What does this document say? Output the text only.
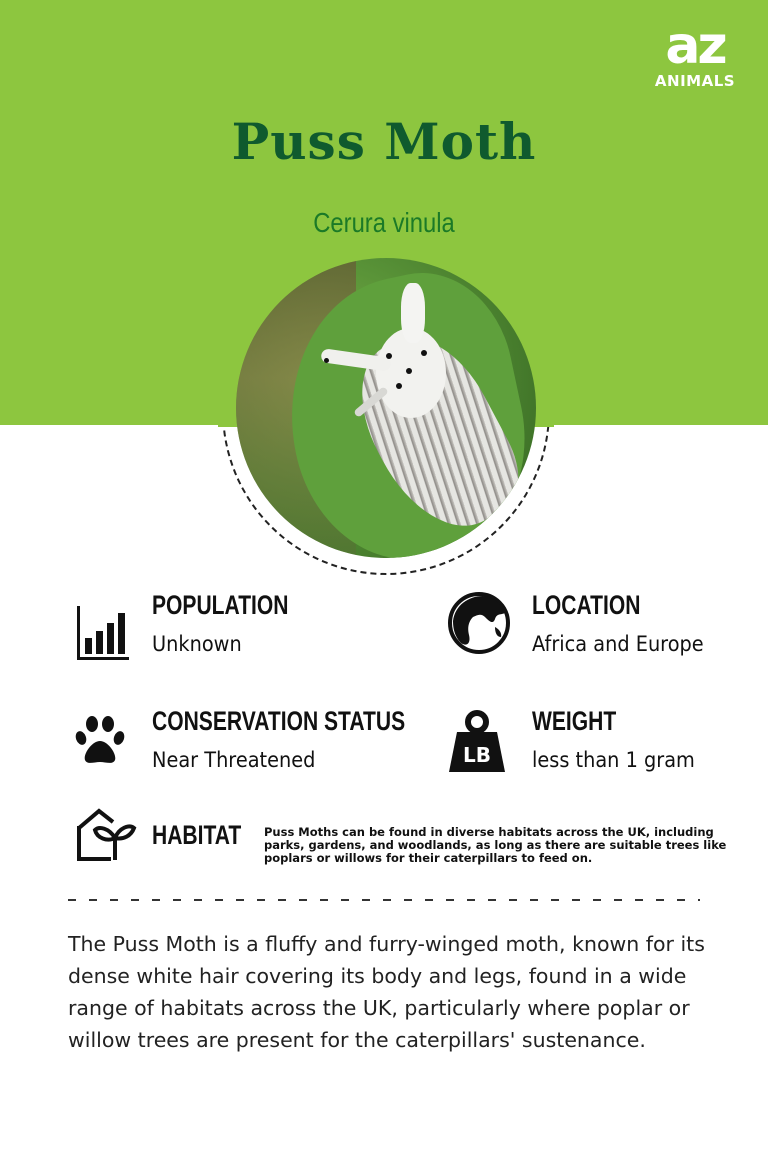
az
ANIMALS
Puss Moth
Cerura vinula
POPULATION
Unknown
LOCATION
Africa and Europe
CONSERVATION STATUS
Near Threatened	LB
WEIGHT
less than 1 gram
HABITAT Puss Moths can be found in diverse habitats across the UK, including parks, gardens, and woodlands, as long as there are suitable trees like poplars or willows for their caterpillars to feed on.

The Puss Moth is a fluffy and furry-winged moth, known for its dense white hair covering its body and legs, found in a wide range of habitats across the UK, particularly where poplar or willow trees are present for the caterpillars' sustenance.
